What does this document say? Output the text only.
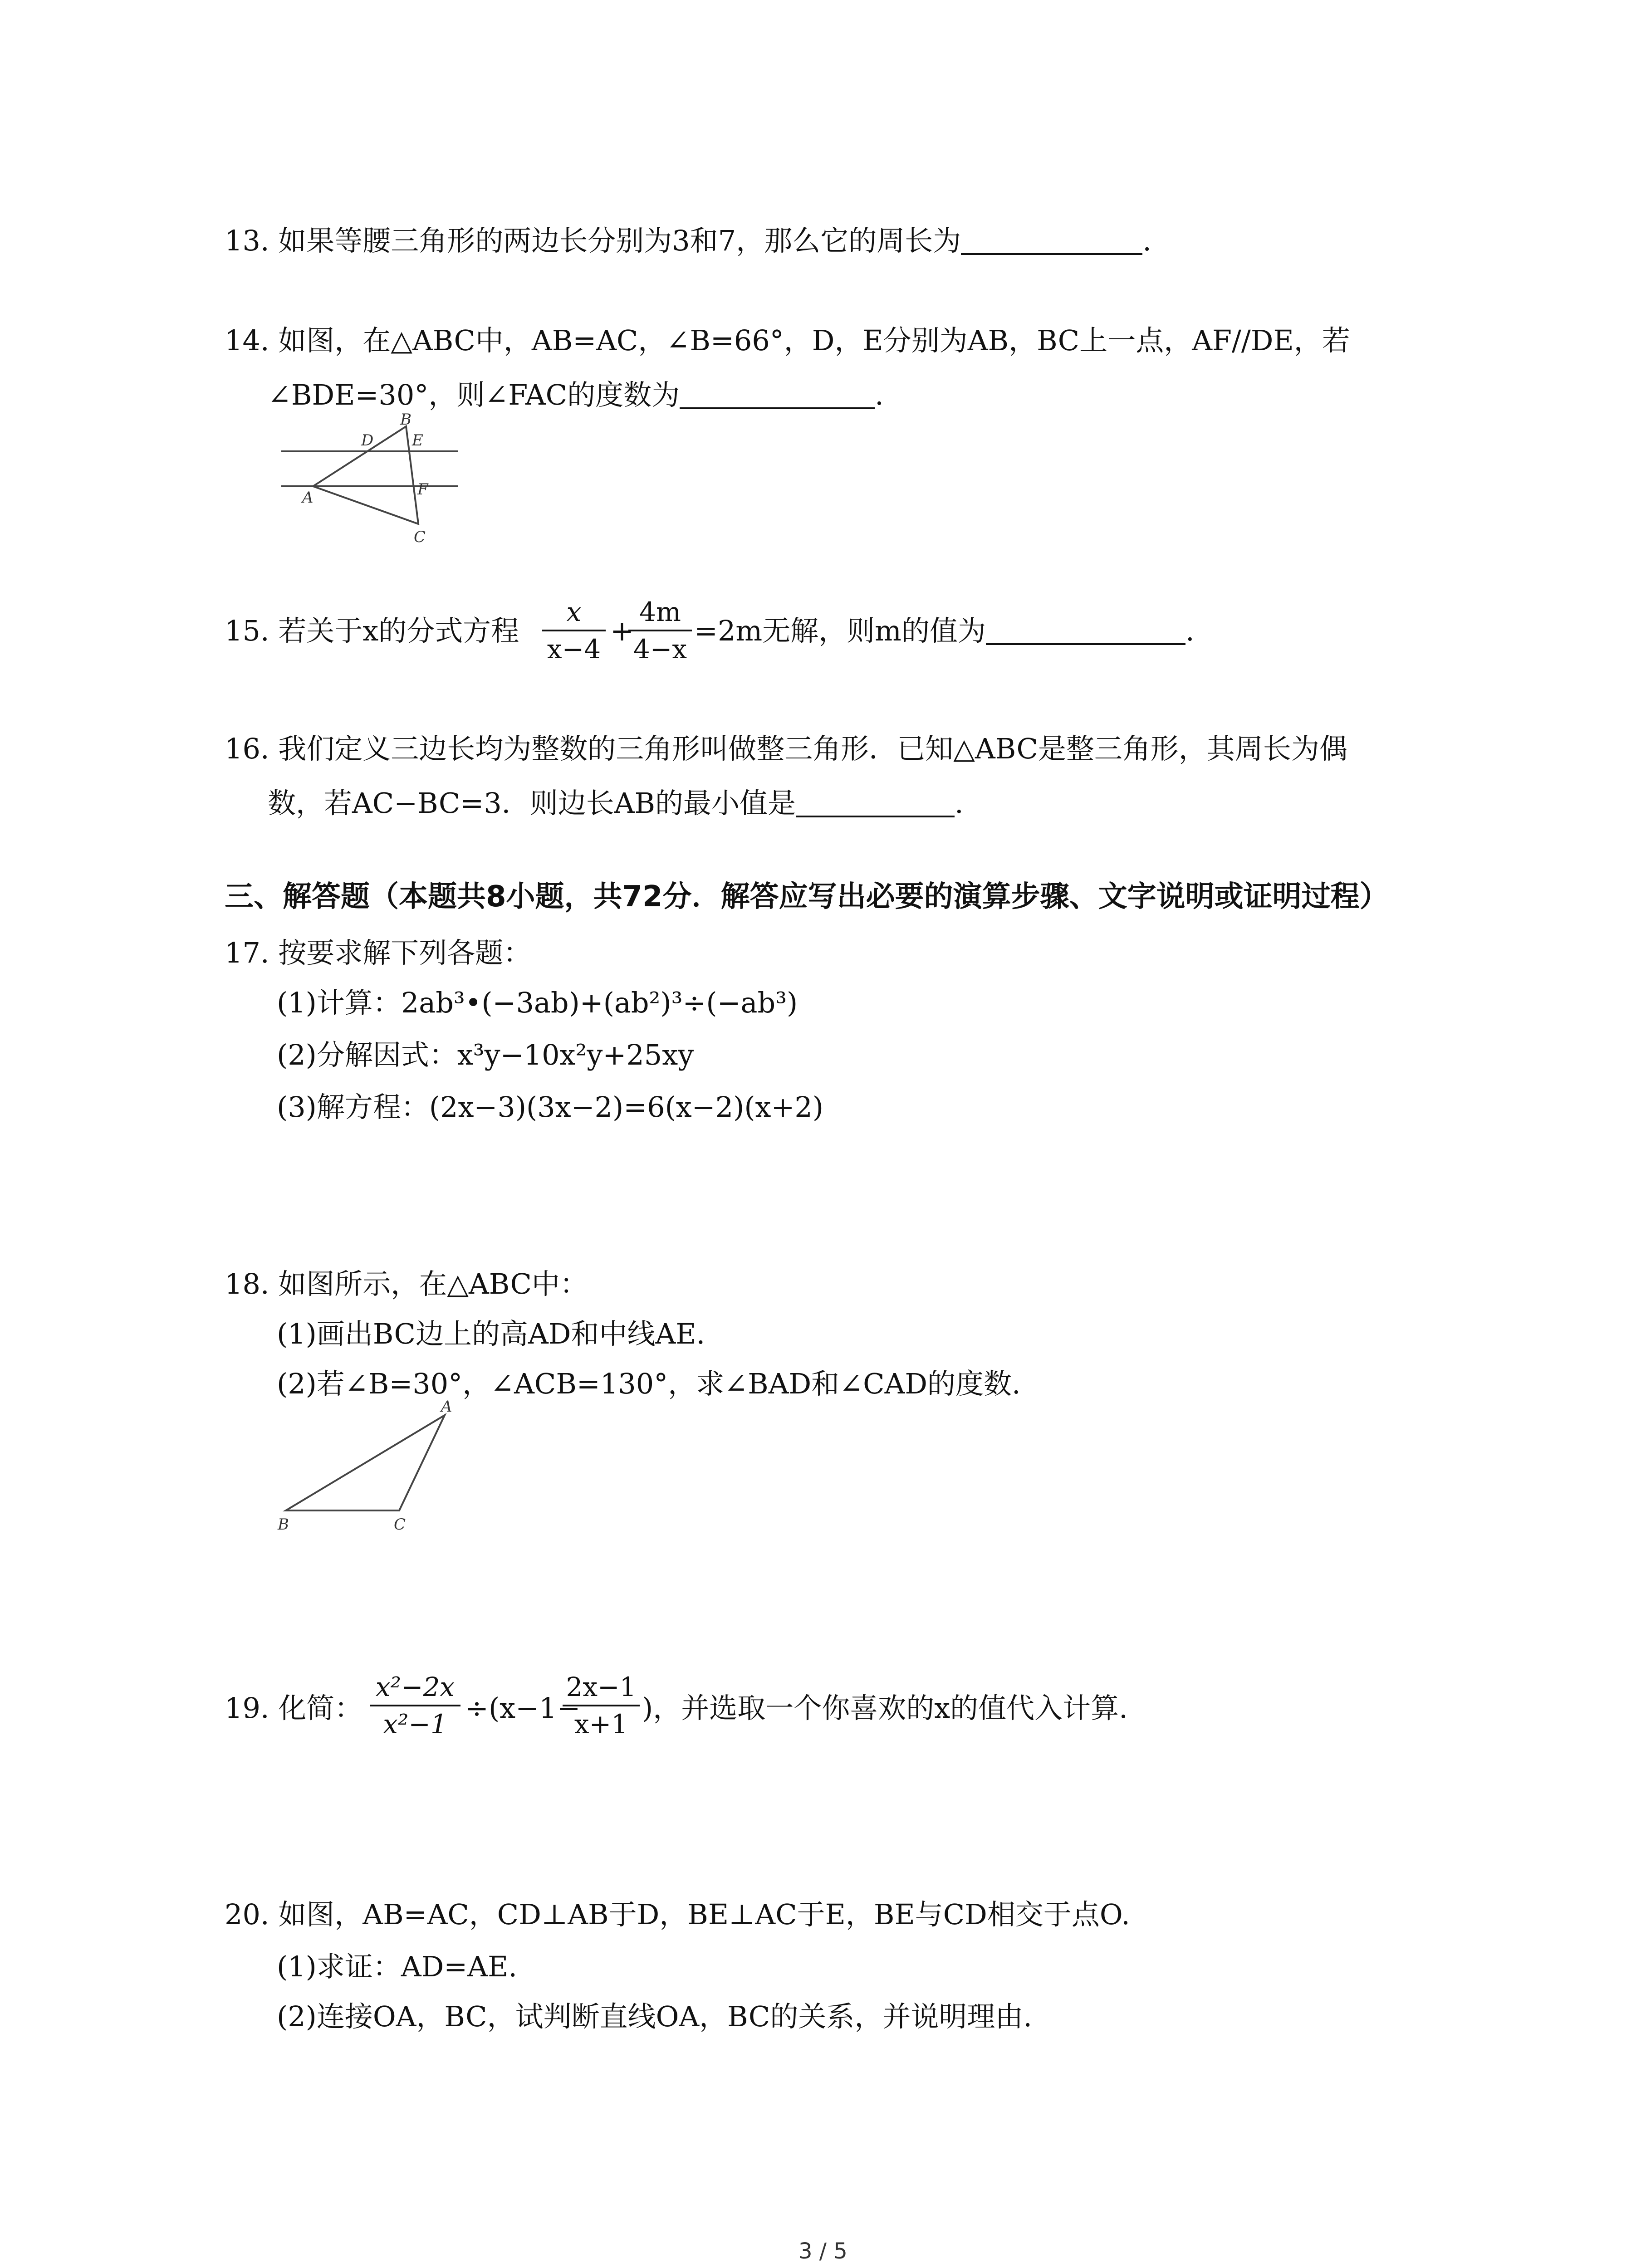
13. 如果等腰三角形的两边长分别为3和7，那么它的周长为	.
14. 如图，在△ABC中，AB=AC，∠B=66°，D，E分别为AB，BC上一点，AF//DE，若
∠BDE=30°，则∠FAC的度数为	.
B
D E
A	F
C
15. 若关于x的分式方程 $\frac{x}{x-4}$ +
$\frac{4m}{4-x} =2m$无解，则m的值为	.
16. 我们定义三边长均为整数的三角形叫做整三角形．已知△ABC是整三角形，其周长为偶
数，若AC−BC=3．则边长AB的最小值是	.
三、解答题（本题共8小题，共72分．解答应写出必要的演算步骤、文字说明或证明过程）
17. 按要求解下列各题：
(1)计算：2ab³•(−3ab)+(ab²)³÷(−ab³)
(2)分解因式：x³y−10x²y+25xy
(3)解方程：(2x−3)(3x−2)=6(x−2)(x+2)
18. 如图所示，在△ABC中：
(1)画出BC边上的高AD和中线AE.
(2)若∠B=30°，∠ACB=130°，求∠BAD和∠CAD的度数.
A
B	C
19. 化简： $\frac{\text{x²−2x}}{\text{x²−1}} \div(x-1-$
$\frac{2x-1}{x+1}$ )，并选取一个你喜欢的x的值代入计算.
20. 如图，AB=AC，CD⊥AB于D，BE⊥AC于E，BE与CD相交于点O.
(1)求证：AD=AE.
(2)连接OA，BC，试判断直线OA，BC的关系，并说明理由.
3 / 5
